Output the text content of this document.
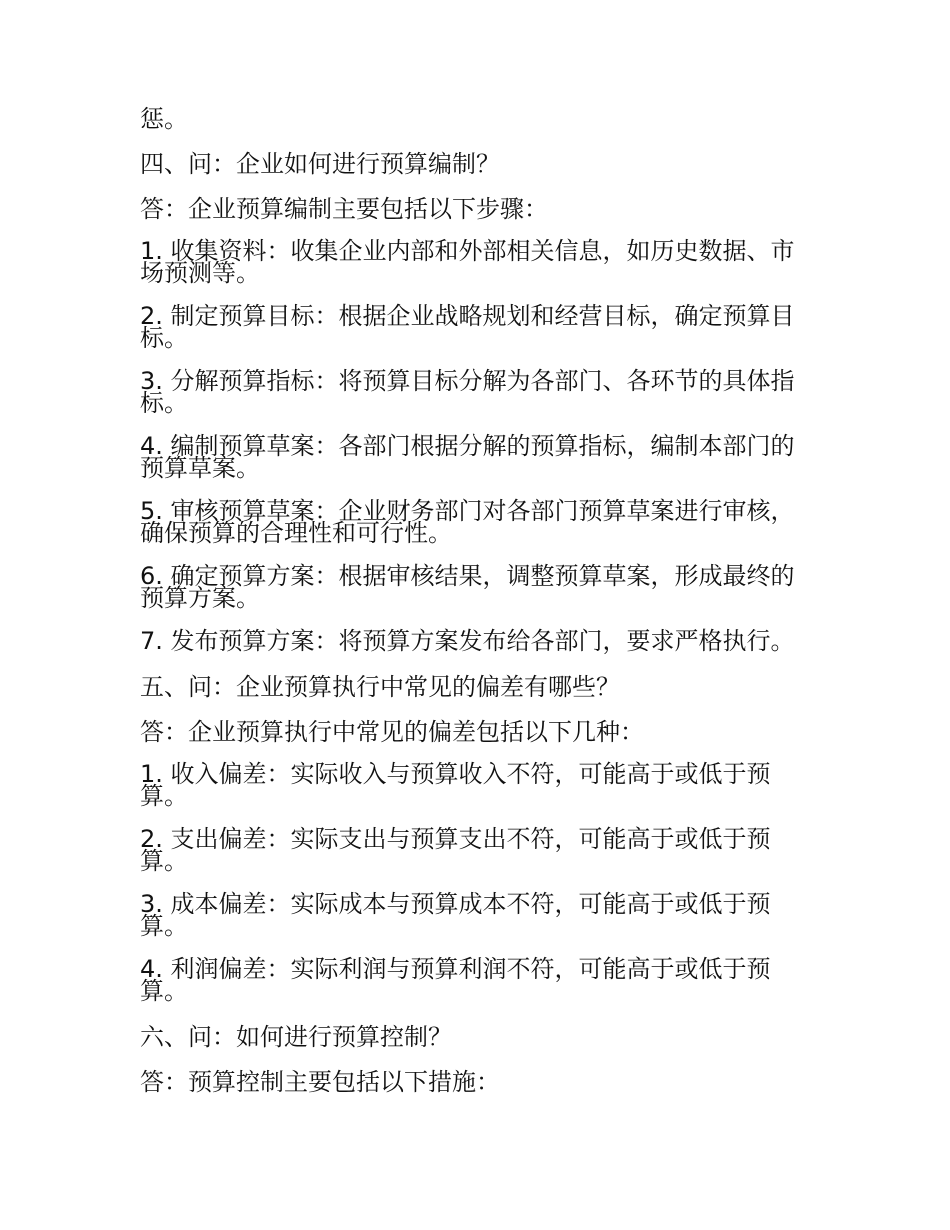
惩。

四、问：企业如何进行预算编制？

答：企业预算编制主要包括以下步骤：

1. 收集资料：收集企业内部和外部相关信息，如历史数据、市场预测等。

2. 制定预算目标：根据企业战略规划和经营目标，确定预算目标。

3. 分解预算指标：将预算目标分解为各部门、各环节的具体指标。

4. 编制预算草案：各部门根据分解的预算指标，编制本部门的预算草案。

5. 审核预算草案：企业财务部门对各部门预算草案进行审核，确保预算的合理性和可行性。

6. 确定预算方案：根据审核结果，调整预算草案，形成最终的预算方案。

7. 发布预算方案：将预算方案发布给各部门，要求严格执行。

五、问：企业预算执行中常见的偏差有哪些？

答：企业预算执行中常见的偏差包括以下几种：

1. 收入偏差：实际收入与预算收入不符，可能高于或低于预算。

2. 支出偏差：实际支出与预算支出不符，可能高于或低于预算。

3. 成本偏差：实际成本与预算成本不符，可能高于或低于预算。

4. 利润偏差：实际利润与预算利润不符，可能高于或低于预算。

六、问：如何进行预算控制？

答：预算控制主要包括以下措施：
